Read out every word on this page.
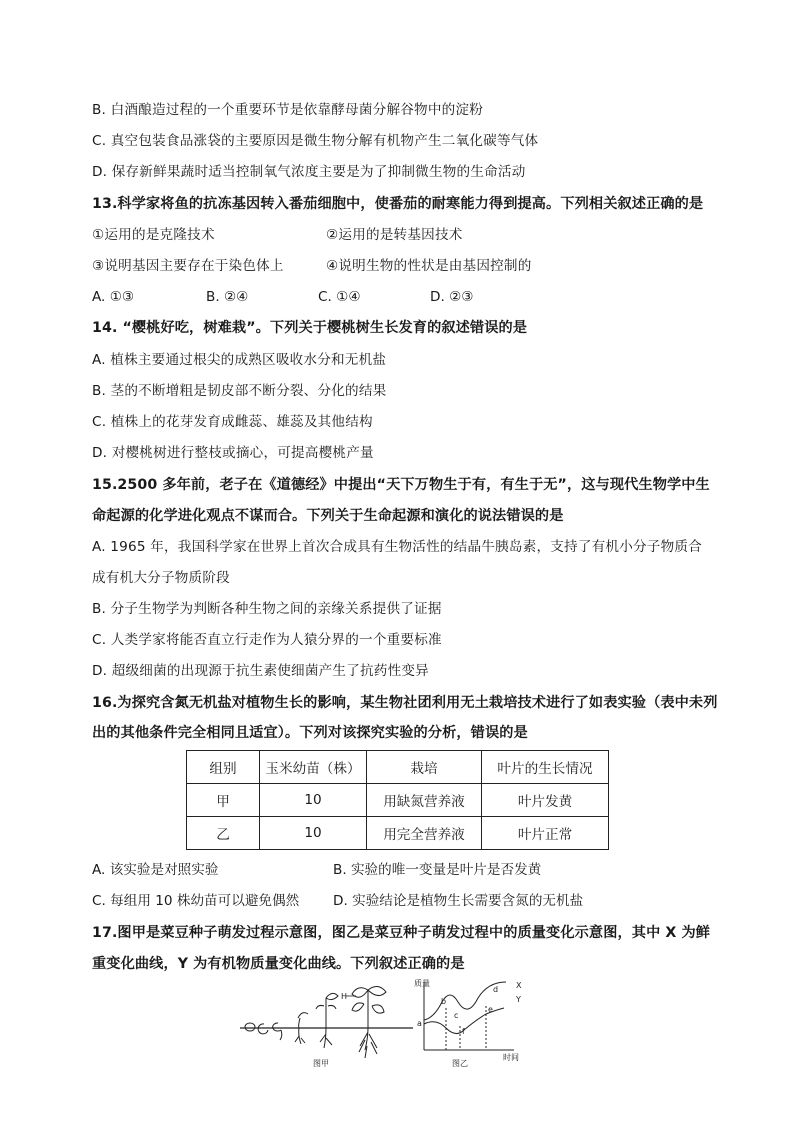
B. 白酒酿造过程的一个重要环节是依靠酵母菌分解谷物中的淀粉
C. 真空包装食品涨袋的主要原因是微生物分解有机物产生二氧化碳等气体
D. 保存新鲜果蔬时适当控制氧气浓度主要是为了抑制微生物的生命活动
13.科学家将鱼的抗冻基因转入番茄细胞中，使番茄的耐寒能力得到提高。下列相关叙述正确的是
①运用的是克隆技术	②运用的是转基因技术
③说明基因主要存在于染色体上	④说明生物的性状是由基因控制的
A. ①③	B. ②④	C. ①④	D. ②③
14. “樱桃好吃，树难栽”。下列关于樱桃树生长发育的叙述错误的是
A. 植株主要通过根尖的成熟区吸收水分和无机盐
B. 茎的不断增粗是韧皮部不断分裂、分化的结果
C. 植株上的花芽发育成雌蕊、雄蕊及其他结构
D. 对樱桃树进行整枝或摘心，可提高樱桃产量
15.2500 多年前，老子在《道德经》中提出“天下万物生于有，有生于无”，这与现代生物学中生
命起源的化学进化观点不谋而合。下列关于生命起源和演化的说法错误的是
A. 1965 年，我国科学家在世界上首次合成具有生物活性的结晶牛胰岛素，支持了有机小分子物质合
成有机大分子物质阶段
B. 分子生物学为判断各种生物之间的亲缘关系提供了证据
C. 人类学家将能否直立行走作为人猿分界的一个重要标准
D. 超级细菌的出现源于抗生素使细菌产生了抗药性变异
16.为探究含氮无机盐对植物生长的影响，某生物社团利用无土栽培技术进行了如表实验（表中未列
出的其他条件完全相同且适宜）。下列对该探究实验的分析，错误的是
组别	玉米幼苗（株）	栽培	叶片的生长情况
甲	10	用缺氮营养液	叶片发黄
乙	10	用完全营养液	叶片正常
A. 该实验是对照实验	B. 实验的唯一变量是叶片是否发黄
C. 每组用 10 株幼苗可以避免偶然 D. 实验结论是植物生长需要含氮的无机盐
17.图甲是菜豆种子萌发过程示意图，图乙是菜豆种子萌发过程中的质量变化示意图，其中 X 为鲜
重变化曲线，Y 为有机物质量变化曲线。下列叙述正确的是
H
图甲
质量
时间
X
Y
a
b
c
d
e
f
图乙
